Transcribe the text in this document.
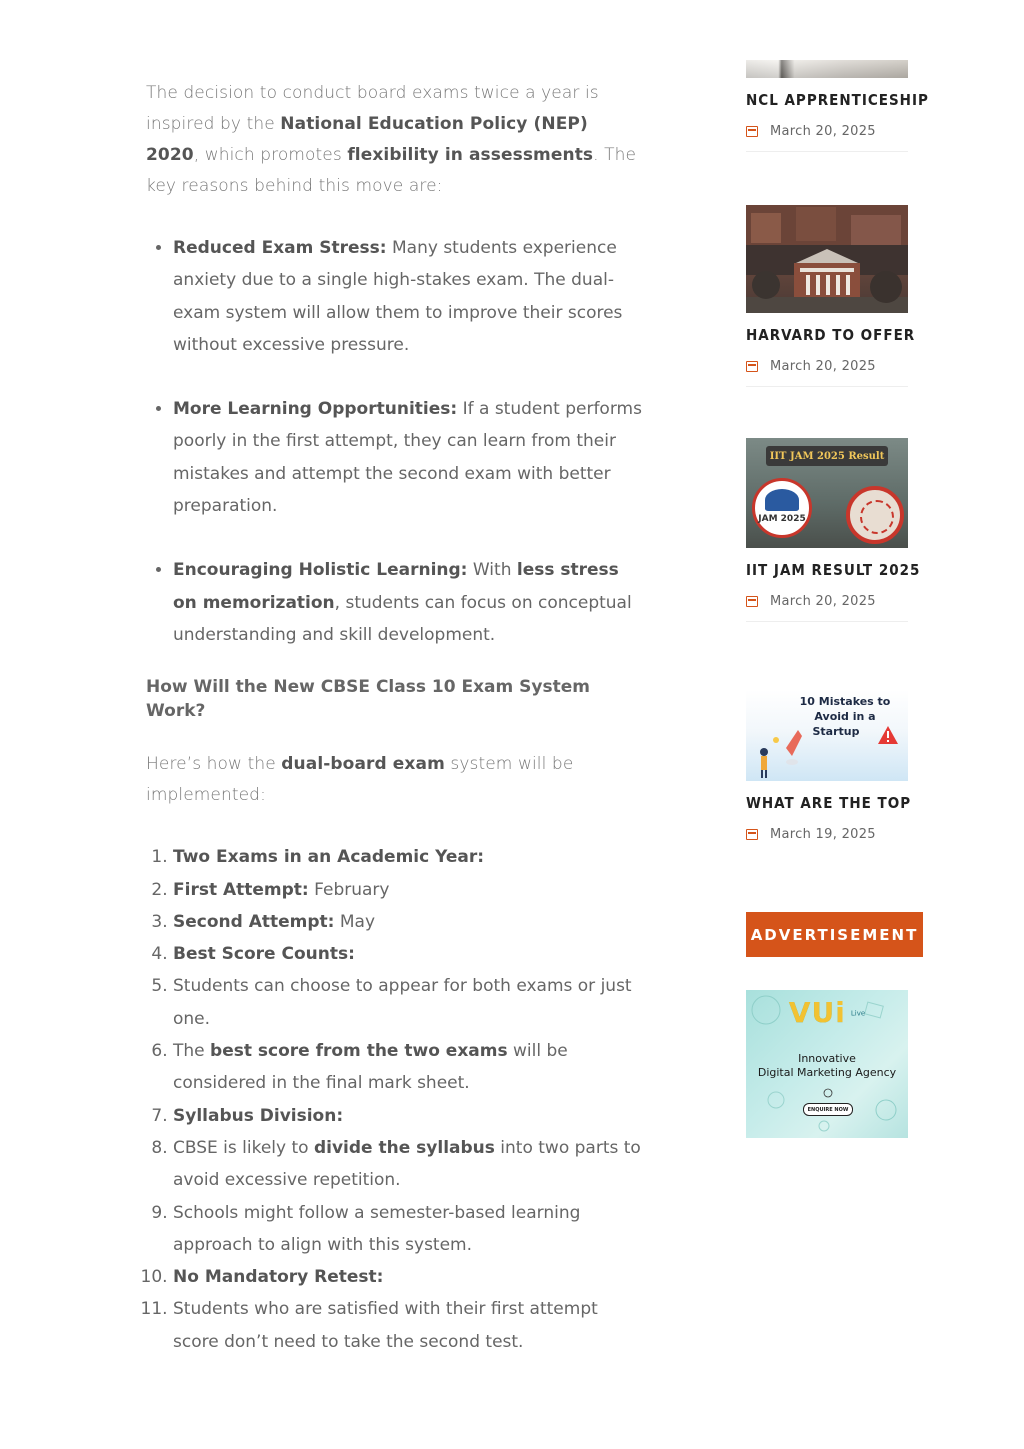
The decision to conduct board exams twice a year is inspired by the National Education Policy (NEP) 2020, which promotes flexibility in assessments. The key reasons behind this move are:

• Reduced Exam Stress: Many students experience anxiety due to a single high-stakes exam. The dual-exam system will allow them to improve their scores without excessive pressure.
• More Learning Opportunities: If a student performs poorly in the first attempt, they can learn from their mistakes and attempt the second exam with better preparation.
• Encouraging Holistic Learning: With less stress on memorization, students can focus on conceptual understanding and skill development.
How Will the New CBSE Class 10 Exam System Work?

Here’s how the dual-board exam system will be implemented:

1. Two Exams in an Academic Year:
2. First Attempt: February
3. Second Attempt: May
4. Best Score Counts:
5. Students can choose to appear for both exams or just one.
6. The best score from the two exams will be considered in the final mark sheet.
7. Syllabus Division:
8. CBSE is likely to divide the syllabus into two parts to avoid excessive repetition.
9. Schools might follow a semester-based learning approach to align with this system.
10. No Mandatory Retest:
11. Students who are satisfied with their first attempt score don’t need to take the second test.
NCL APPRENTICESHIP
March 20, 2025
HARVARD TO OFFER
March 20, 2025
IIT JAM 2025 Result
JAM 2025
IIT JAM RESULT 2025
March 20, 2025
10 Mistakes to
Avoid in a
Startup
WHAT ARE THE TOP
March 19, 2025
ADVERTISEMENT
VUi $^{Live}$
Innovative
Digital Marketing Agency
ENQUIRE NOW
